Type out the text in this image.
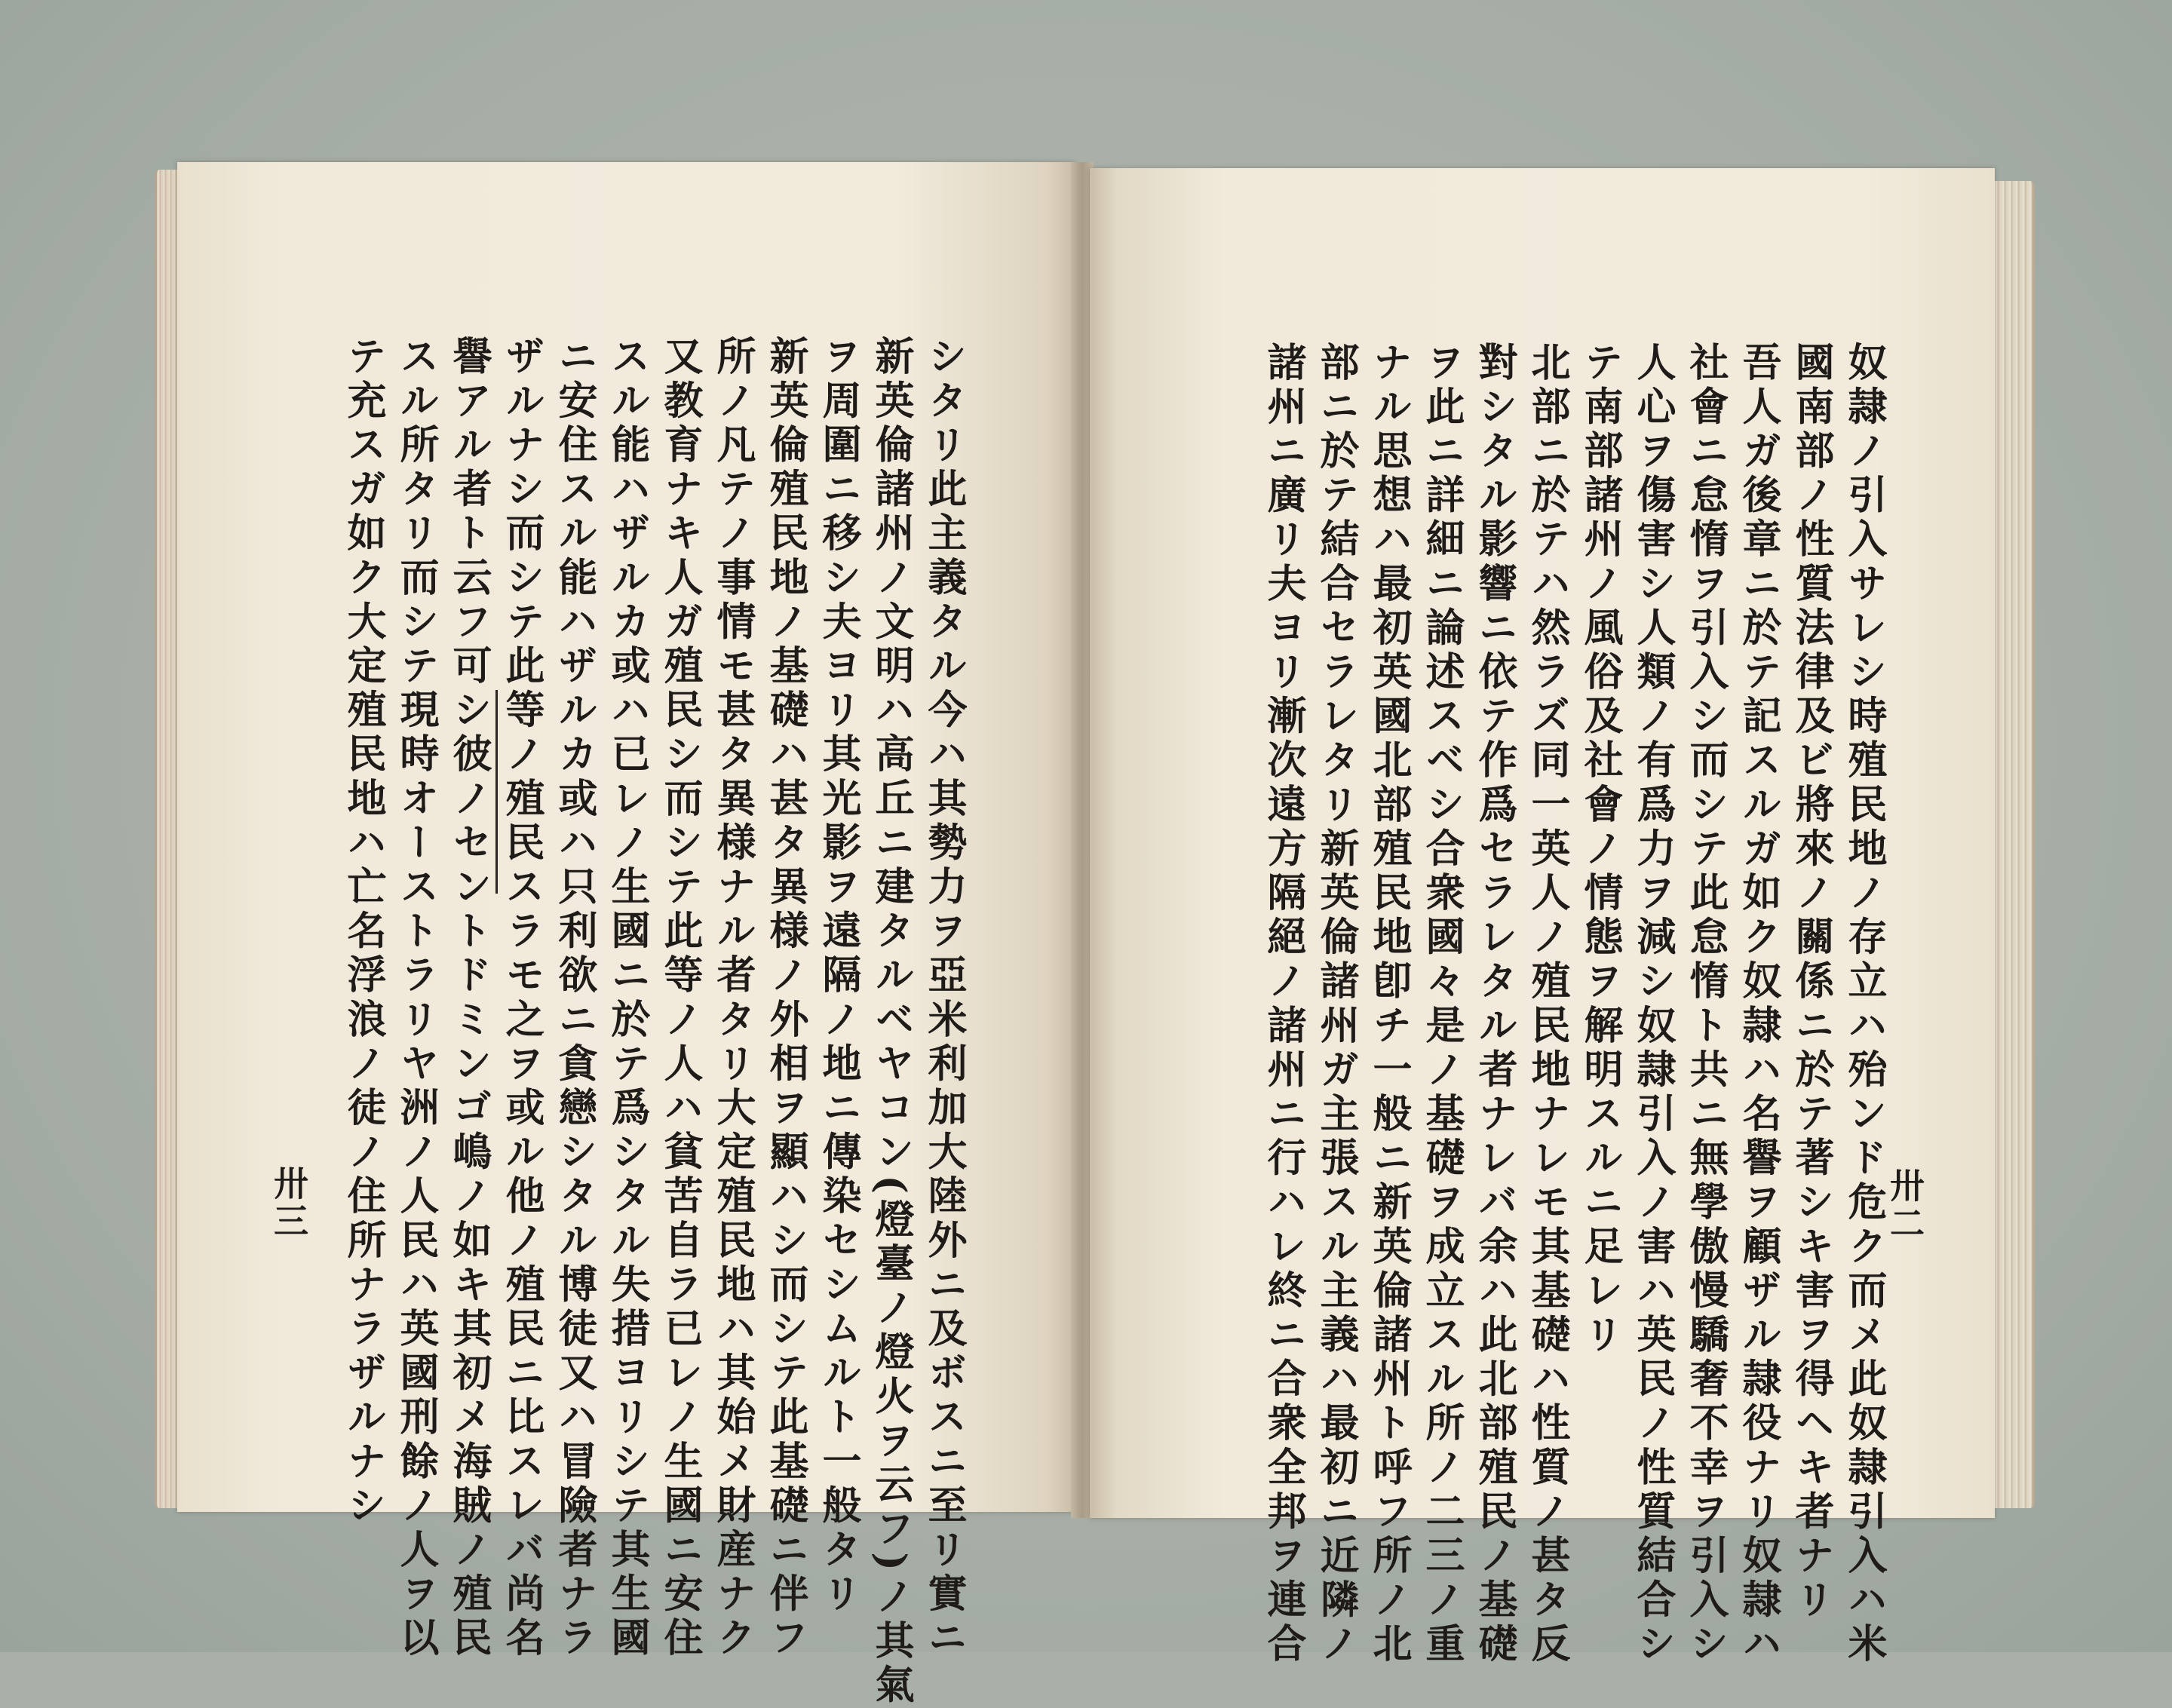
卅三	シタリ此主義タル今ハ其勢力ヲ亞米利加大陸外ニ及ボスニ至リ實ニ
新英倫諸州ノ文明ハ高丘ニ建タルベヤコン(燈臺ノ燈火ヲ云フ)ノ其氣
ヲ周圍ニ移シ夫ヨリ其光影ヲ遠隔ノ地ニ傳染セシムルト一般タリ
新英倫殖民地ノ基礎ハ甚タ異様ノ外相ヲ顯ハシ而シテ此基礎ニ伴フ
所ノ凡テノ事情モ甚タ異様ナル者タリ大定殖民地ハ其始メ財産ナク
又教育ナキ人ガ殖民シ而シテ此等ノ人ハ貧苦自ラ已レノ生國ニ安住
スル能ハザルカ或ハ已レノ生國ニ於テ爲シタル失措ヨリシテ其生國
ニ安住スル能ハザルカ或ハ只利欲ニ貪戀シタル博徒又ハ冒險者ナラ
ザルナシ而シテ此等ノ殖民スラモ之ヲ或ル他ノ殖民ニ比スレバ尚名
譽アル者ト云フ可シ彼ノセントドミンゴ嶋ノ如キ其初メ海賊ノ殖民
スル所タリ而シテ現時オーストラリヤ洲ノ人民ハ英國刑餘ノ人ヲ以
テ充スガ如ク大定殖民地ハ亡名浮浪ノ徒ノ住所ナラザルナシ	卅二
奴隷ノ引入サレシ時殖民地ノ存立ハ殆ンド危ク而メ此奴隷引入ハ米
國南部ノ性質法律及ビ將來ノ關係ニ於テ著シキ害ヲ得ヘキ者ナリ
吾人ガ後章ニ於テ記スルガ如ク奴隷ハ名譽ヲ顧ザル隷役ナリ奴隷ハ
社會ニ怠惰ヲ引入シ而シテ此怠惰ト共ニ無學傲慢驕奢不幸ヲ引入シ
人心ヲ傷害シ人類ノ有爲力ヲ減シ奴隷引入ノ害ハ英民ノ性質結合シ
テ南部諸州ノ風俗及社會ノ情態ヲ解明スルニ足レリ
北部ニ於テハ然ラズ同一英人ノ殖民地ナレモ其基礎ハ性質ノ甚タ反
對シタル影響ニ依テ作爲セラレタル者ナレバ余ハ此北部殖民ノ基礎
ヲ此ニ詳細ニ論述スベシ合衆國々是ノ基礎ヲ成立スル所ノ二三ノ重
ナル思想ハ最初英國北部殖民地卽チ一般ニ新英倫諸州ト呼フ所ノ北
部ニ於テ結合セラレタリ新英倫諸州ガ主張スル主義ハ最初ニ近隣ノ
諸州ニ廣リ夫ヨリ漸次遠方隔絕ノ諸州ニ行ハレ終ニ合衆全邦ヲ連合
